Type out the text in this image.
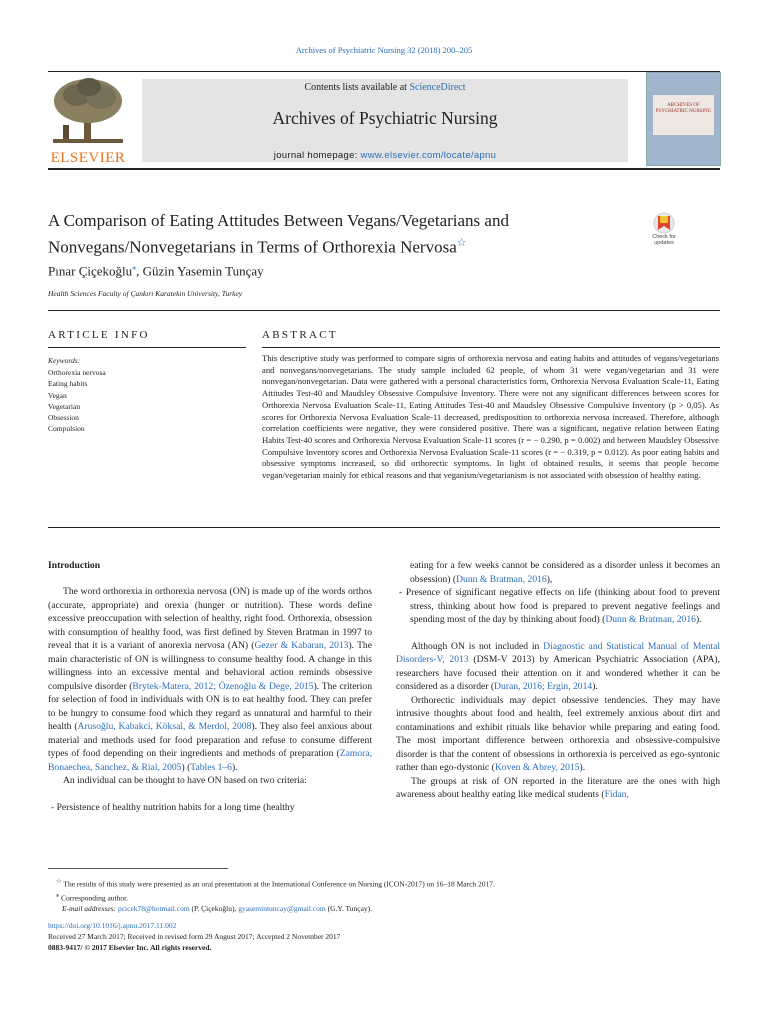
Archives of Psychiatric Nursing 32 (2018) 200–205
ELSEVIER
Contents lists available at ScienceDirect
Archives of Psychiatric Nursing
journal homepage: www.elsevier.com/locate/apnu
ARCHIVES OF PSYCHIATRIC NURSING
A Comparison of Eating Attitudes Between Vegans/Vegetarians and Nonvegans/Nonvegetarians in Terms of Orthorexia Nervosa☆	Check for updates
Pınar Çiçekoğlu⁎, Güzin Yasemin Tunçay
Health Sciences Faculty of Çankırı Karatekin University, Turkey
ARTICLE INFO	ABSTRACT
Keywords:
Orthorexia nervosa
Eating habits
Vegan
Vegetarian
Obsession
Compulsion
This descriptive study was performed to compare signs of orthorexia nervosa and eating habits and attitudes of vegans/vegetarians and nonvegans/nonvegetarians. The study sample included 62 people, of whom 31 were vegan/vegetarian and 31 were nonvegan/nonvegetarian. Data were gathered with a personal characteristics form, Orthorexia Nervosa Evaluation Scale-11, Eating Attitudes Test-40 and Maudsley Obsessive Compulsive Inventory. There were not any significant differences between scores for Orthorexia Nervosa Evaluation Scale-11, Eating Attitudes Test-40 and Maudsley Obsessive Compulsive Inventory (p > 0,05). As scores for Orthorexia Nervosa Evaluation Scale-11 decreased, predisposition to orthorexia nervosa increased. Therefore, although correlation coefficients were negative, they were considered positive. There was a significant, negative relation between Eating Habits Test-40 scores and Orthorexia Nervosa Evaluation Scale-11 scores (r = − 0.290, p = 0.002) and between Maudsley Obsessive Compulsive Inventory scores and Orthorexia Nervosa Evaluation Scale-11 scores (r = − 0.319, p = 0.012). As poor eating habits and obsessive symptoms increased, so did orthorectic symptoms. In light of obtained results, it seems that people become vegan/vegetarian mainly for ethical reasons and that veganism/vegetarianism is not associated with obsession of healthy eating.
Introduction

The word orthorexia in orthorexia nervosa (ON) is made up of the words orthos (accurate, appropriate) and orexia (hunger or nutrition). These words define excessive preoccupation with selection of healthy, right food. Orthorexia, obsession with consumption of healthy food, was first defined by Steven Bratman in 1997 to reveal that it is a variant of anorexia nervosa (AN) (Gezer & Kabaran, 2013). The main characteristic of ON is willingness to consume healthy food. A change in this willingness into an excessive mental and behavioral action reminds obsessive compulsive disorder (Brytek-Matera, 2012; Özenoğlu & Dege, 2015). The criterion for selection of food in individuals with ON is to eat healthy food. They can prefer to be hungry to consume food which they regard as unnatural and harmful to their health (Arusoğlu, Kabakci, Köksal, & Merdol, 2008). They also feel anxious about material and methods used for food preparation and refuse to consume different types of food depending on their ingredients and methods of preparation (Zamora, Bonaechea, Sanchez, & Rial, 2005) (Tables 1–6).

An individual can be thought to have ON based on two criteria:

- Persistence of healthy nutrition habits for a long time (healthy

eating for a few weeks cannot be considered as a disorder unless it becomes an obsession) (Dunn & Bratman, 2016),

- Presence of significant negative effects on life (thinking about food to prevent stress, thinking about how food is prepared to prevent negative feelings and spending most of the day by thinking about food) (Dunn & Bratman, 2016).

Although ON is not included in Diagnostic and Statistical Manual of Mental Disorders-V, 2013 (DSM-V 2013) by American Psychiatric Association (APA), researchers have focused their attention on it and wondered whether it can be considered as a disorder (Duran, 2016; Ergin, 2014).

Orthorectic individuals may depict obsessive tendencies. They may have intrusive thoughts about food and health, feel extremely anxious about dirt and contaminations and exhibit rituals like behavior while preparing and eating food. The most important difference between orthorexia and obsessive-compulsive disorder is that the content of obsessions in orthorexia is perceived as ego-syntonic rather than ego-dystonic (Koven & Abrey, 2015).

The groups at risk of ON reported in the literature are the ones with high awareness about healthy eating like medical students (Fidan,

☆ The results of this study were presented as an oral presentation at the International Conference on Nursing (ICON-2017) on 16–18 March 2017.
⁎ Corresponding author.
E-mail addresses: pcicek78@hotmail.com (P. Çiçekoğlu), gyasemintuncay@gmail.com (G.Y. Tunçay).
https://doi.org/10.1016/j.apnu.2017.11.002
Received 27 March 2017; Received in revised form 29 August 2017; Accepted 2 November 2017
0883-9417/ © 2017 Elsevier Inc. All rights reserved.
